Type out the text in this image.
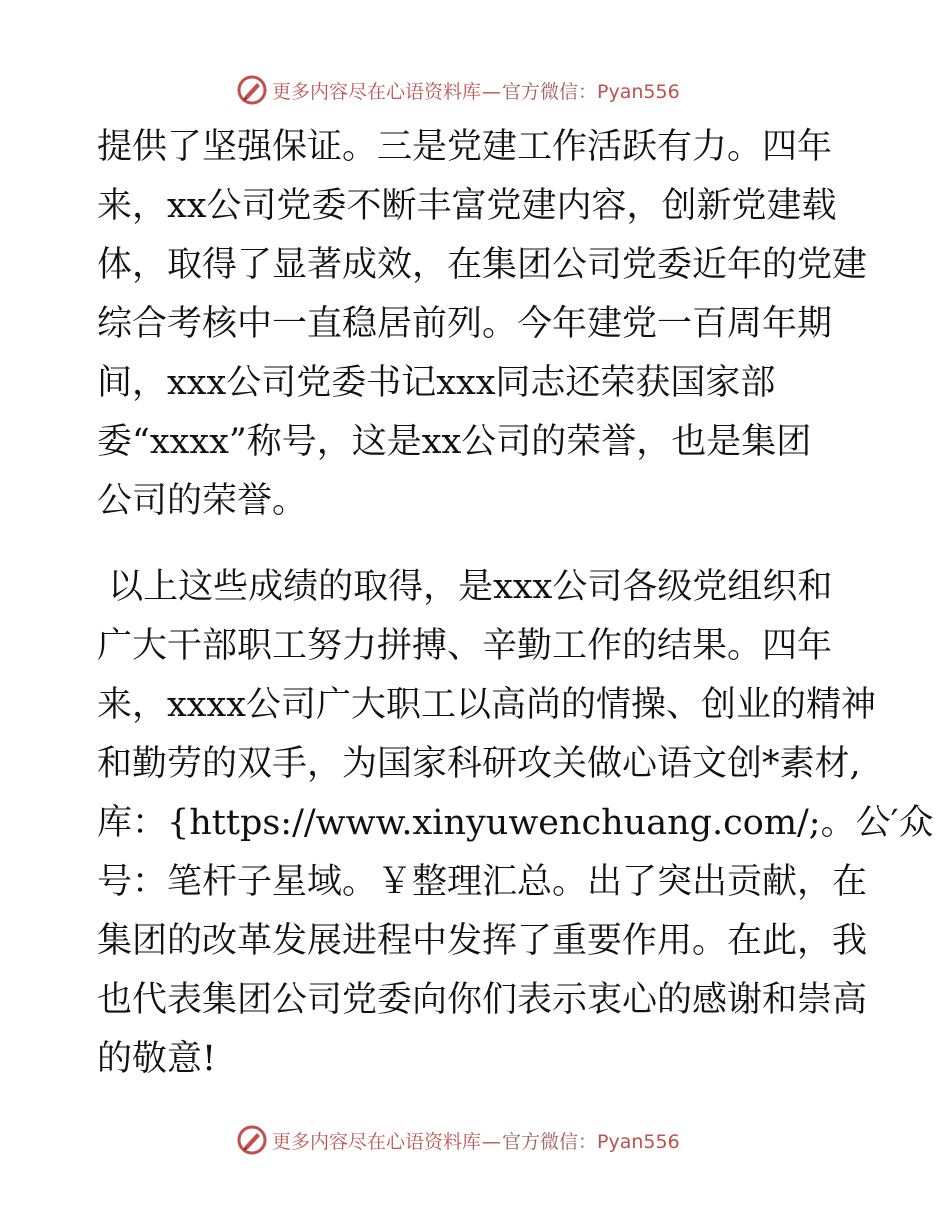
更多内容尽在心语资料库—官方微信：Pyan556
提供了坚强保证。三是党建工作活跃有力。四年
来，xx公司党委不断丰富党建内容，创新党建载
体，取得了显著成效，在集团公司党委近年的党建
综合考核中一直稳居前列。今年建党一百周年期
间，xxx公司党委书记xxx同志还荣获国家部
委“xxxx”称号，这是xx公司的荣誉，也是集团
公司的荣誉。
以上这些成绩的取得，是xxx公司各级党组织和
广大干部职工努力拼搏、辛勤工作的结果。四年
来，xxxx公司广大职工以高尚的情操、创业的精神
和勤劳的双手，为国家科研攻关做心语文创*素材,
库：{https://www.xinyuwenchuang.com/;。公′众
号：笔杆子星域。￥整理汇总。出了突出贡献，在
集团的改革发展进程中发挥了重要作用。在此，我
也代表集团公司党委向你们表示衷心的感谢和崇高
的敬意!
更多内容尽在心语资料库—官方微信：Pyan556
